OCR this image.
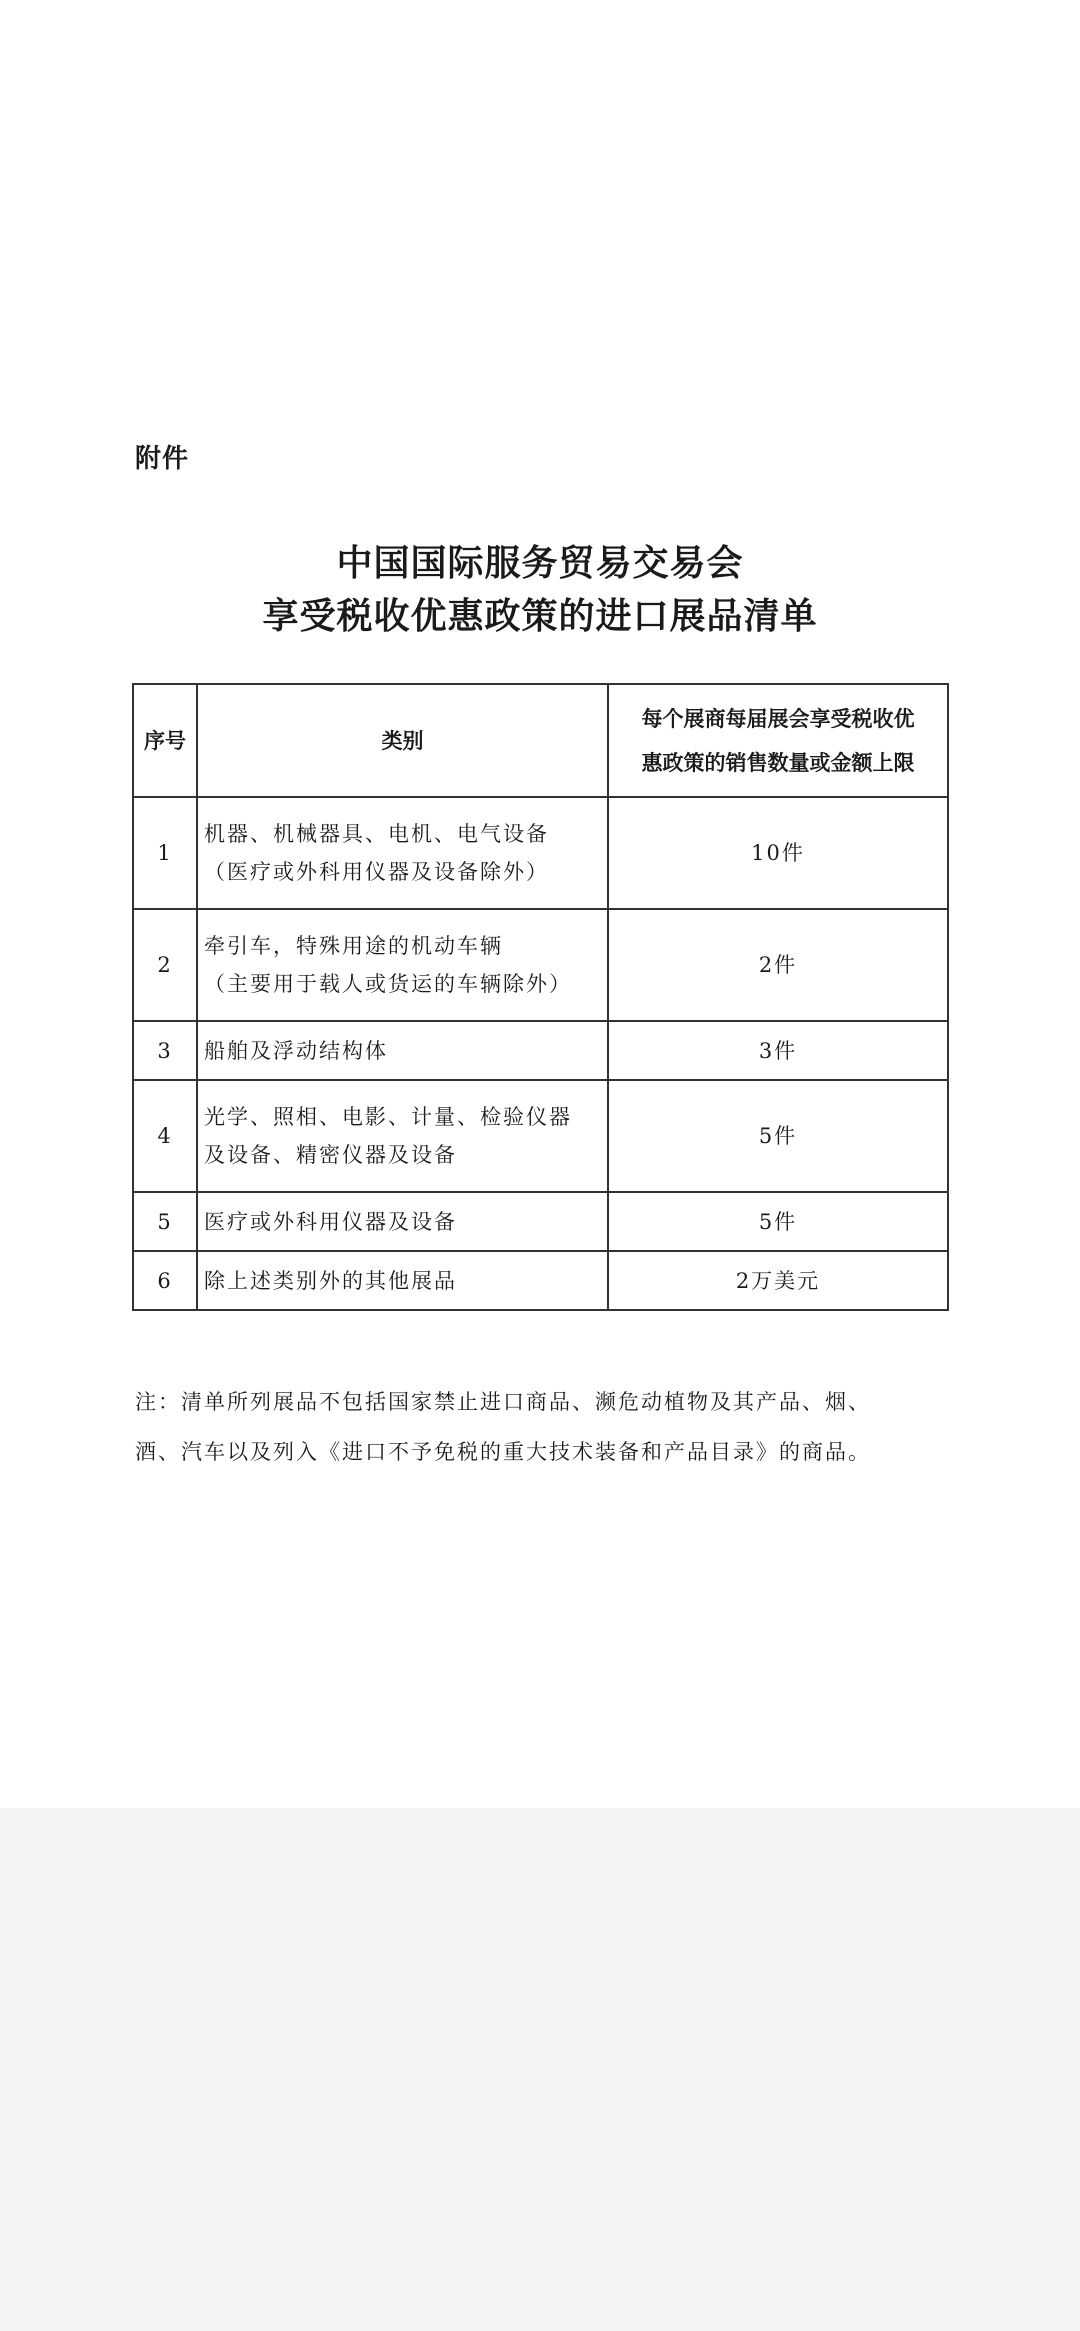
附件
中国国际服务贸易交易会
享受税收优惠政策的进口展品清单
序号	类别	每个展商每届展会享受税收优
惠政策的销售数量或金额上限

1	机器、机械器具、电机、电气设备
（医疗或外科用仪器及设备除外）	10件
2	牵引车，特殊用途的机动车辆
（主要用于载人或货运的车辆除外）	2件
3	船舶及浮动结构体	3件
4	光学、照相、电影、计量、检验仪器
及设备、精密仪器及设备	5件
5	医疗或外科用仪器及设备	5件
6	除上述类别外的其他展品	2万美元
注：清单所列展品不包括国家禁止进口商品、濒危动植物及其产品、烟、
酒、汽车以及列入《进口不予免税的重大技术装备和产品目录》的商品。
